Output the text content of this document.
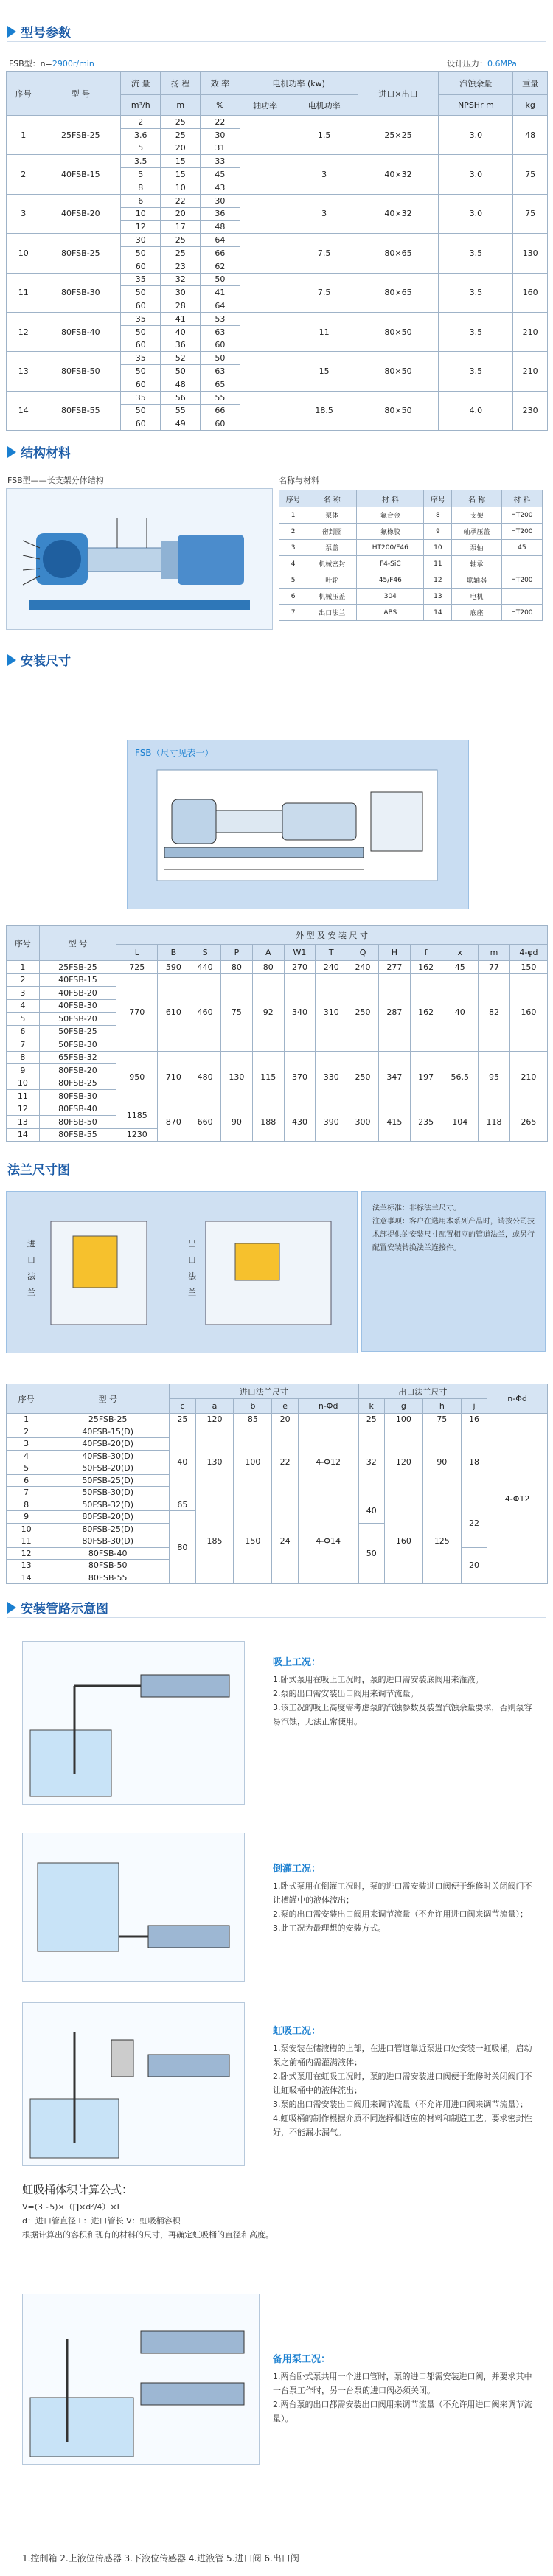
型号参数
FSB型：n=2900r/min	设计压力：0.6MPa
序号	型 号	流 量	扬 程	效 率	电机功率 (kw)		进口×出口	汽蚀余量	重量
		m³/h	m	%	轴功率	电机功率		NPSHr m	kg
1	25FSB-25	2	25	22		1.5	25×25	3.0	48
		3.6	25	30					
		5	20	31					
2	40FSB-15	3.5	15	33		3	40×32	3.0	75
		5	15	45					
		8	10	43					
3	40FSB-20	6	22	30		3	40×32	3.0	75
		10	20	36					
		12	17	48					
10	80FSB-25	30	25	64		7.5	80×65	3.5	130
		50	25	66					
		60	23	62					
11	80FSB-30	35	32	50		7.5	80×65	3.5	160
		50	30	41					
		60	28	64					
12	80FSB-40	35	41	53		11	80×50	3.5	210
		50	40	63					
		60	36	60					
13	80FSB-50	35	52	50		15	80×50	3.5	210
		50	50	63					
		60	48	65					
14	80FSB-55	35	56	55		18.5	80×50	4.0	230
		50	55	66					
		60	49	60					
结构材料
FSB型——长支架分体结构	名称与材料
序号	名 称	材 料	序号	名 称	材 料
1	泵体	氟合金	8	支架	HT200
2	密封圈	氟橡胶	9	轴承压盖	HT200
3	泵盖	HT200/F46	10	泵轴	45
4	机械密封	F4-SiC	11	轴承	
5	叶轮	45/F46	12	联轴器	HT200
6	机械压盖	304	13	电机	
7	出口法兰	ABS	14	底座	HT200
安装尺寸
FSB（尺寸见表一）
序号	型 号	外 型 及 安 装 尺 寸												
		L	B	S	P	A	W1	T	Q	H	f	x	m	4-φd
1	25FSB-25	725	590	440	80	80	270	240	240	277	162	45	77	150
2	40FSB-15	770	610	460	75	92	340	310	250	287	162	40	82	160
3	40FSB-20													
4	40FSB-30													
5	50FSB-20													
6	50FSB-25													
7	50FSB-30													
8	65FSB-32	950	710	480	130	115	370	330	250	347	197	56.5	95	210
9	80FSB-20													
10	80FSB-25													
11	80FSB-30													
12	80FSB-40	1185	870	660	90	188	430	390	300	415	235	104	118	265
13	80FSB-50													
14	80FSB-55	1230												
法兰尺寸图
进口法兰
出口法兰

法兰标准：非标法兰尺寸。

注意事项：客户在选用本系列产品时，请按公司技术部提供的安装尺寸配置相应的管道法兰，或另行配置安装转换法兰连接件。

序号	型 号	进口法兰尺寸					出口法兰尺寸				n-Φd
		c	a	b	e	n-Φd	k	g	h	j	
1	25FSB-25	25	120	85	20		25	100	75	16	4-Φ12
2	40FSB-15(D)	40	130	100	22	4-Φ12	32	120	90	18	
3	40FSB-20(D)										
4	40FSB-30(D)										
5	50FSB-20(D)										
6	50FSB-25(D)										
7	50FSB-30(D)										
8	50FSB-32(D)	65	185	150	24	4-Φ14	40	160	125	22	
9	80FSB-20(D)	80									
10	80FSB-25(D)						50				
11	80FSB-30(D)										
12	80FSB-40									20	
13	80FSB-50										
14	80FSB-55										
安装管路示意图
吸上工况：

1.卧式泵用在吸上工况时，泵的进口需安装底阀用来灌液。

2.泵的出口需安装出口阀用来调节流量。

3.该工况的吸上高度需考虑泵的汽蚀参数及装置汽蚀余量要求，否则泵容易汽蚀，无法正常使用。

倒灌工况：

1.卧式泵用在倒灌工况时，泵的进口需安装进口阀便于维修时关闭阀门不让槽罐中的液体流出；

2.泵的出口需安装出口阀用来调节流量（不允许用进口阀来调节流量）；

3.此工况为最理想的安装方式。

虹吸工况：

1.泵安装在储液槽的上部，在进口管道靠近泵进口处安装一虹吸桶，启动泵之前桶内需灌满液体；

2.卧式泵用在虹吸工况时，泵的进口需安装进口阀便于维修时关闭阀门不让虹吸桶中的液体流出；

3.泵的出口需安装出口阀用来调节流量（不允许用进口阀来调节流量）；

4.虹吸桶的制作根据介质不同选择相适应的材料和制造工艺。要求密封性好，不能漏水漏气。

虹吸桶体积计算公式：

V=(3~5)×（∏×d²/4）×L

d：进口管直径 L：进口管长 V：虹吸桶容积

根据计算出的容积和现有的材料的尺寸，再确定虹吸桶的直径和高度。

备用泵工况：

1.两台卧式泵共用一个进口管时，泵的进口都需安装进口阀，并要求其中一台泵工作时，另一台泵的进口阀必须关闭。

2.两台泵的出口都需安装出口阀用来调节流量（不允许用进口阀来调节流量）。

1.控制箱 2.上液位传感器 3.下液位传感器 4.进液管 5.进口阀 6.出口阀
